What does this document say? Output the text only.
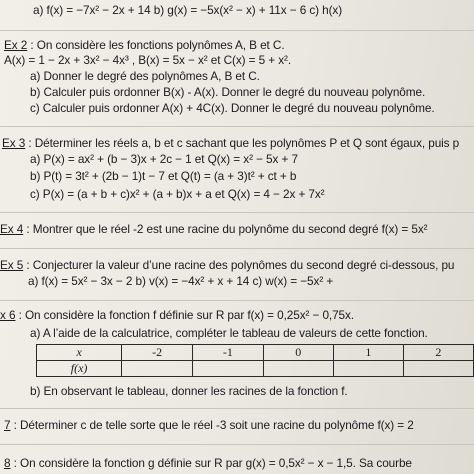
a) f(x) = −7x² − 2x + 14 b) g(x) = −5x(x² − x) + 11x − 6 c) h(x)
Ex 2 : On considère les fonctions polynômes A, B et C.
A(x) = 1 − 2x + 3x² − 4x³ , B(x) = 5x − x² et C(x) = 5 + x².
a) Donner le degré des polynômes A, B et C.
b) Calculer puis ordonner B(x) - A(x). Donner le degré du nouveau polynôme.
c) Calculer puis ordonner A(x) + 4C(x). Donner le degré du nouveau polynôme.
Ex 3 : Déterminer les réels a, b et c sachant que les polynômes P et Q sont égaux, puis p
a) P(x) = ax² + (b − 3)x + 2c − 1 et Q(x) = x² − 5x + 7
b) P(t) = 3t² + (2b − 1)t − 7 et Q(t) = (a + 3)t² + ct + b
c) P(x) = (a + b + c)x² + (a + b)x + a et Q(x) = 4 − 2x + 7x²
Ex 4 : Montrer que le réel -2 est une racine du polynôme du second degré f(x) = 5x²
Ex 5 : Conjecturer la valeur d’une racine des polynômes du second degré ci-dessous, pu
a) f(x) = 5x² − 3x − 2 b) v(x) = −4x² + x + 14 c) w(x) = −5x² +
x 6 : On considère la fonction f définie sur R par f(x) = 0,25x² − 0,75x.
a) A l’aide de la calculatrice, compléter le tableau de valeurs de cette fonction.
x	-2	-1	0	1	2
f(x)					
b) En observant le tableau, donner les racines de la fonction f.
7 : Déterminer c de telle sorte que le réel -3 soit une racine du polynôme f(x) = 2
8 : On considère la fonction g définie sur R par g(x) = 0,5x² − x − 1,5. Sa courbe
